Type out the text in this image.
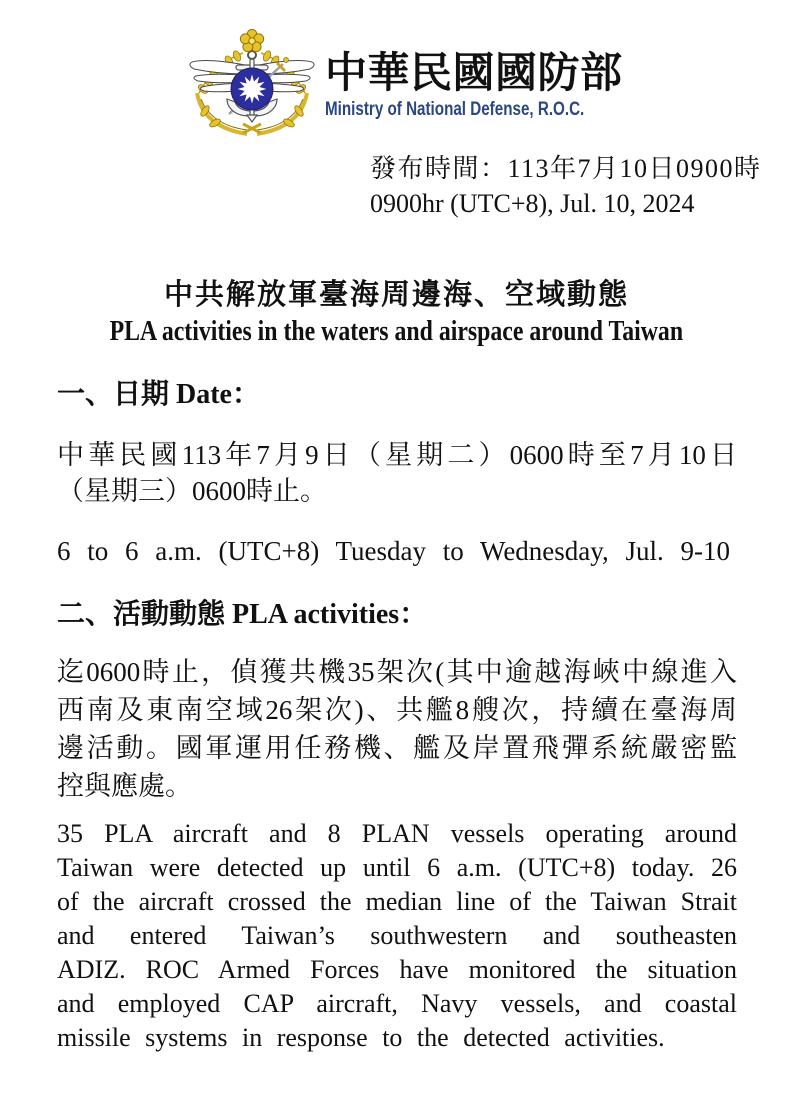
中華民國國防部
Ministry of National Defense, R.O.C.
發布時間：113年7月10日0900時
0900hr (UTC+8), Jul. 10, 2024
中共解放軍臺海周邊海、空域動態
PLA activities in the waters and airspace around Taiwan
一、日期 Date：
中華民國113年7月9日（星期二）0600時至7月10日
（星期三）0600時止。
6 to 6 a.m. (UTC+8) Tuesday to Wednesday, Jul. 9-10
二、活動動態 PLA activities：
迄0600時止，偵獲共機35架次(其中逾越海峽中線進入
西南及東南空域26架次)、共艦8艘次，持續在臺海周
邊活動。國軍運用任務機、艦及岸置飛彈系統嚴密監
控與應處。
35 PLA aircraft and 8 PLAN vessels operating around
Taiwan were detected up until 6 a.m. (UTC+8) today. 26
of the aircraft crossed the median line of the Taiwan Strait
and entered Taiwan’s southwestern and southeasten
ADIZ. ROC Armed Forces have monitored the situation
and employed CAP aircraft, Navy vessels, and coastal
missile systems in response to the detected activities.
